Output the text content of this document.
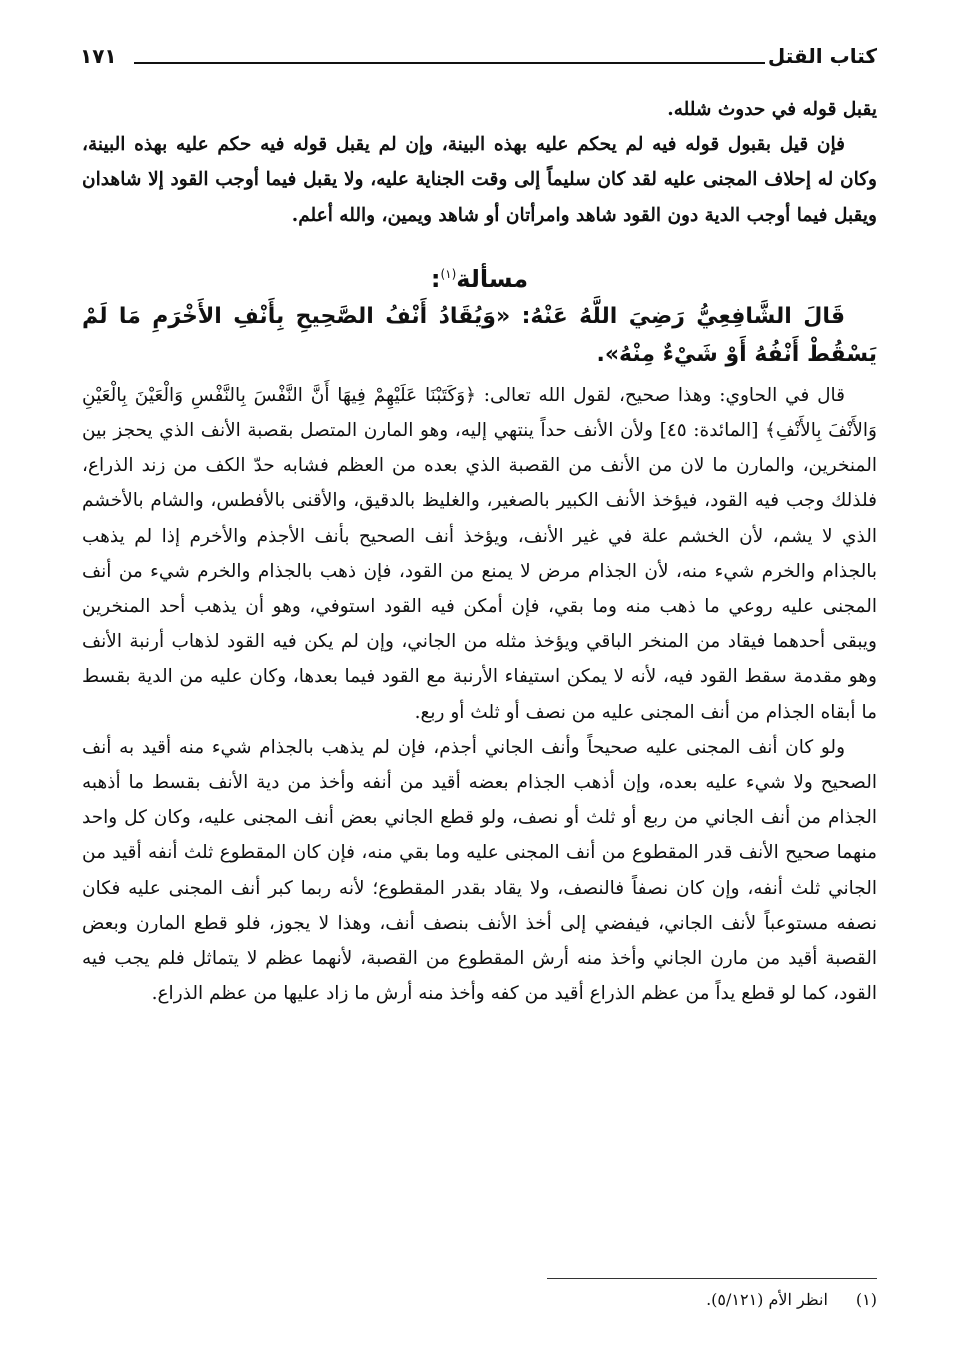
كتاب القتل
١٧١

يقبل قوله في حدوث شلله.

فإن قيل بقبول قوله فيه لم يحكم عليه بهذه البينة، وإن لم يقبل قوله فيه حكم عليه بهذه البينة، وكان له إحلاف المجنى عليه لقد كان سليماً إلى وقت الجناية عليه، ولا يقبل فيما أوجب القود إلا شاهدان ويقبل فيما أوجب الدية دون القود شاهد وامرأتان أو شاهد ويمين، والله أعلم.

مسألة$^{(١)}$:

قَالَ الشَّافِعِيُّ رَضِيَ اللَّهُ عَنْهُ: «وَيُقَادُ أَنْفُ الصَّحِيحِ بِأَنْفِ الأَخْرَمِ مَا لَمْ يَسْقُطْ أَنْفُهُ أَوْ شَيْءٌ مِنْهُ».

قال في الحاوي: وهذا صحيح، لقول الله تعالى: ﴿وَكَتَبْنَا عَلَيْهِمْ فِيهَا أَنَّ النَّفْسَ بِالنَّفْسِ وَالْعَيْنَ بِالْعَيْنِ وَالأَنْفَ بِالأَنْفِ﴾ [المائدة: ٤٥] ولأن الأنف حداً ينتهي إليه، وهو المارن المتصل بقصبة الأنف الذي يحجز بين المنخرين، والمارن ما لان من الأنف من القصبة الذي بعده من العظم فشابه حدّ الكف من زند الذراع، فلذلك وجب فيه القود، فيؤخذ الأنف الكبير بالصغير، والغليظ بالدقيق، والأقنى بالأفطس، والشام بالأخشم الذي لا يشم، لأن الخشم علة في غير الأنف، ويؤخذ أنف الصحيح بأنف الأجذم والأخرم إذا لم يذهب بالجذام والخرم شيء منه، لأن الجذام مرض لا يمنع من القود، فإن ذهب بالجذام والخرم شيء من أنف المجنى عليه روعي ما ذهب منه وما بقي، فإن أمكن فيه القود استوفي، وهو أن يذهب أحد المنخرين ويبقى أحدهما فيقاد من المنخر الباقي ويؤخذ مثله من الجاني، وإن لم يكن فيه القود لذهاب أرنبة الأنف وهو مقدمة سقط القود فيه، لأنه لا يمكن استيفاء الأرنبة مع القود فيما بعدها، وكان عليه من الدية بقسط ما أبقاه الجذام من أنف المجنى عليه من نصف أو ثلث أو ربع.

ولو كان أنف المجنى عليه صحيحاً وأنف الجاني أجذم، فإن لم يذهب بالجذام شيء منه أقيد به أنف الصحيح ولا شيء عليه بعده، وإن أذهب الجذام بعضه أقيد من أنفه وأخذ من دية الأنف بقسط ما أذهبه الجذام من أنف الجاني من ربع أو ثلث أو نصف، ولو قطع الجاني بعض أنف المجنى عليه، وكان كل واحد منهما صحيح الأنف قدر المقطوع من أنف المجنى عليه وما بقي منه، فإن كان المقطوع ثلث أنفه أقيد من الجاني ثلث أنفه، وإن كان نصفاً فالنصف، ولا يقاد بقدر المقطوع؛ لأنه ربما كبر أنف المجنى عليه فكان نصفه مستوعباً لأنف الجاني، فيفضي إلى أخذ الأنف بنصف أنف، وهذا لا يجوز، فلو قطع المارن وبعض القصبة أقيد من مارن الجاني وأخذ منه أرش المقطوع من القصبة، لأنهما عظم لا يتماثل فلم يجب فيه القود، كما لو قطع يداً من عظم الذراع أقيد من كفه وأخذ منه أرش ما زاد عليها من عظم الذراع.

(١)انظر الأم (٥/١٢١).
